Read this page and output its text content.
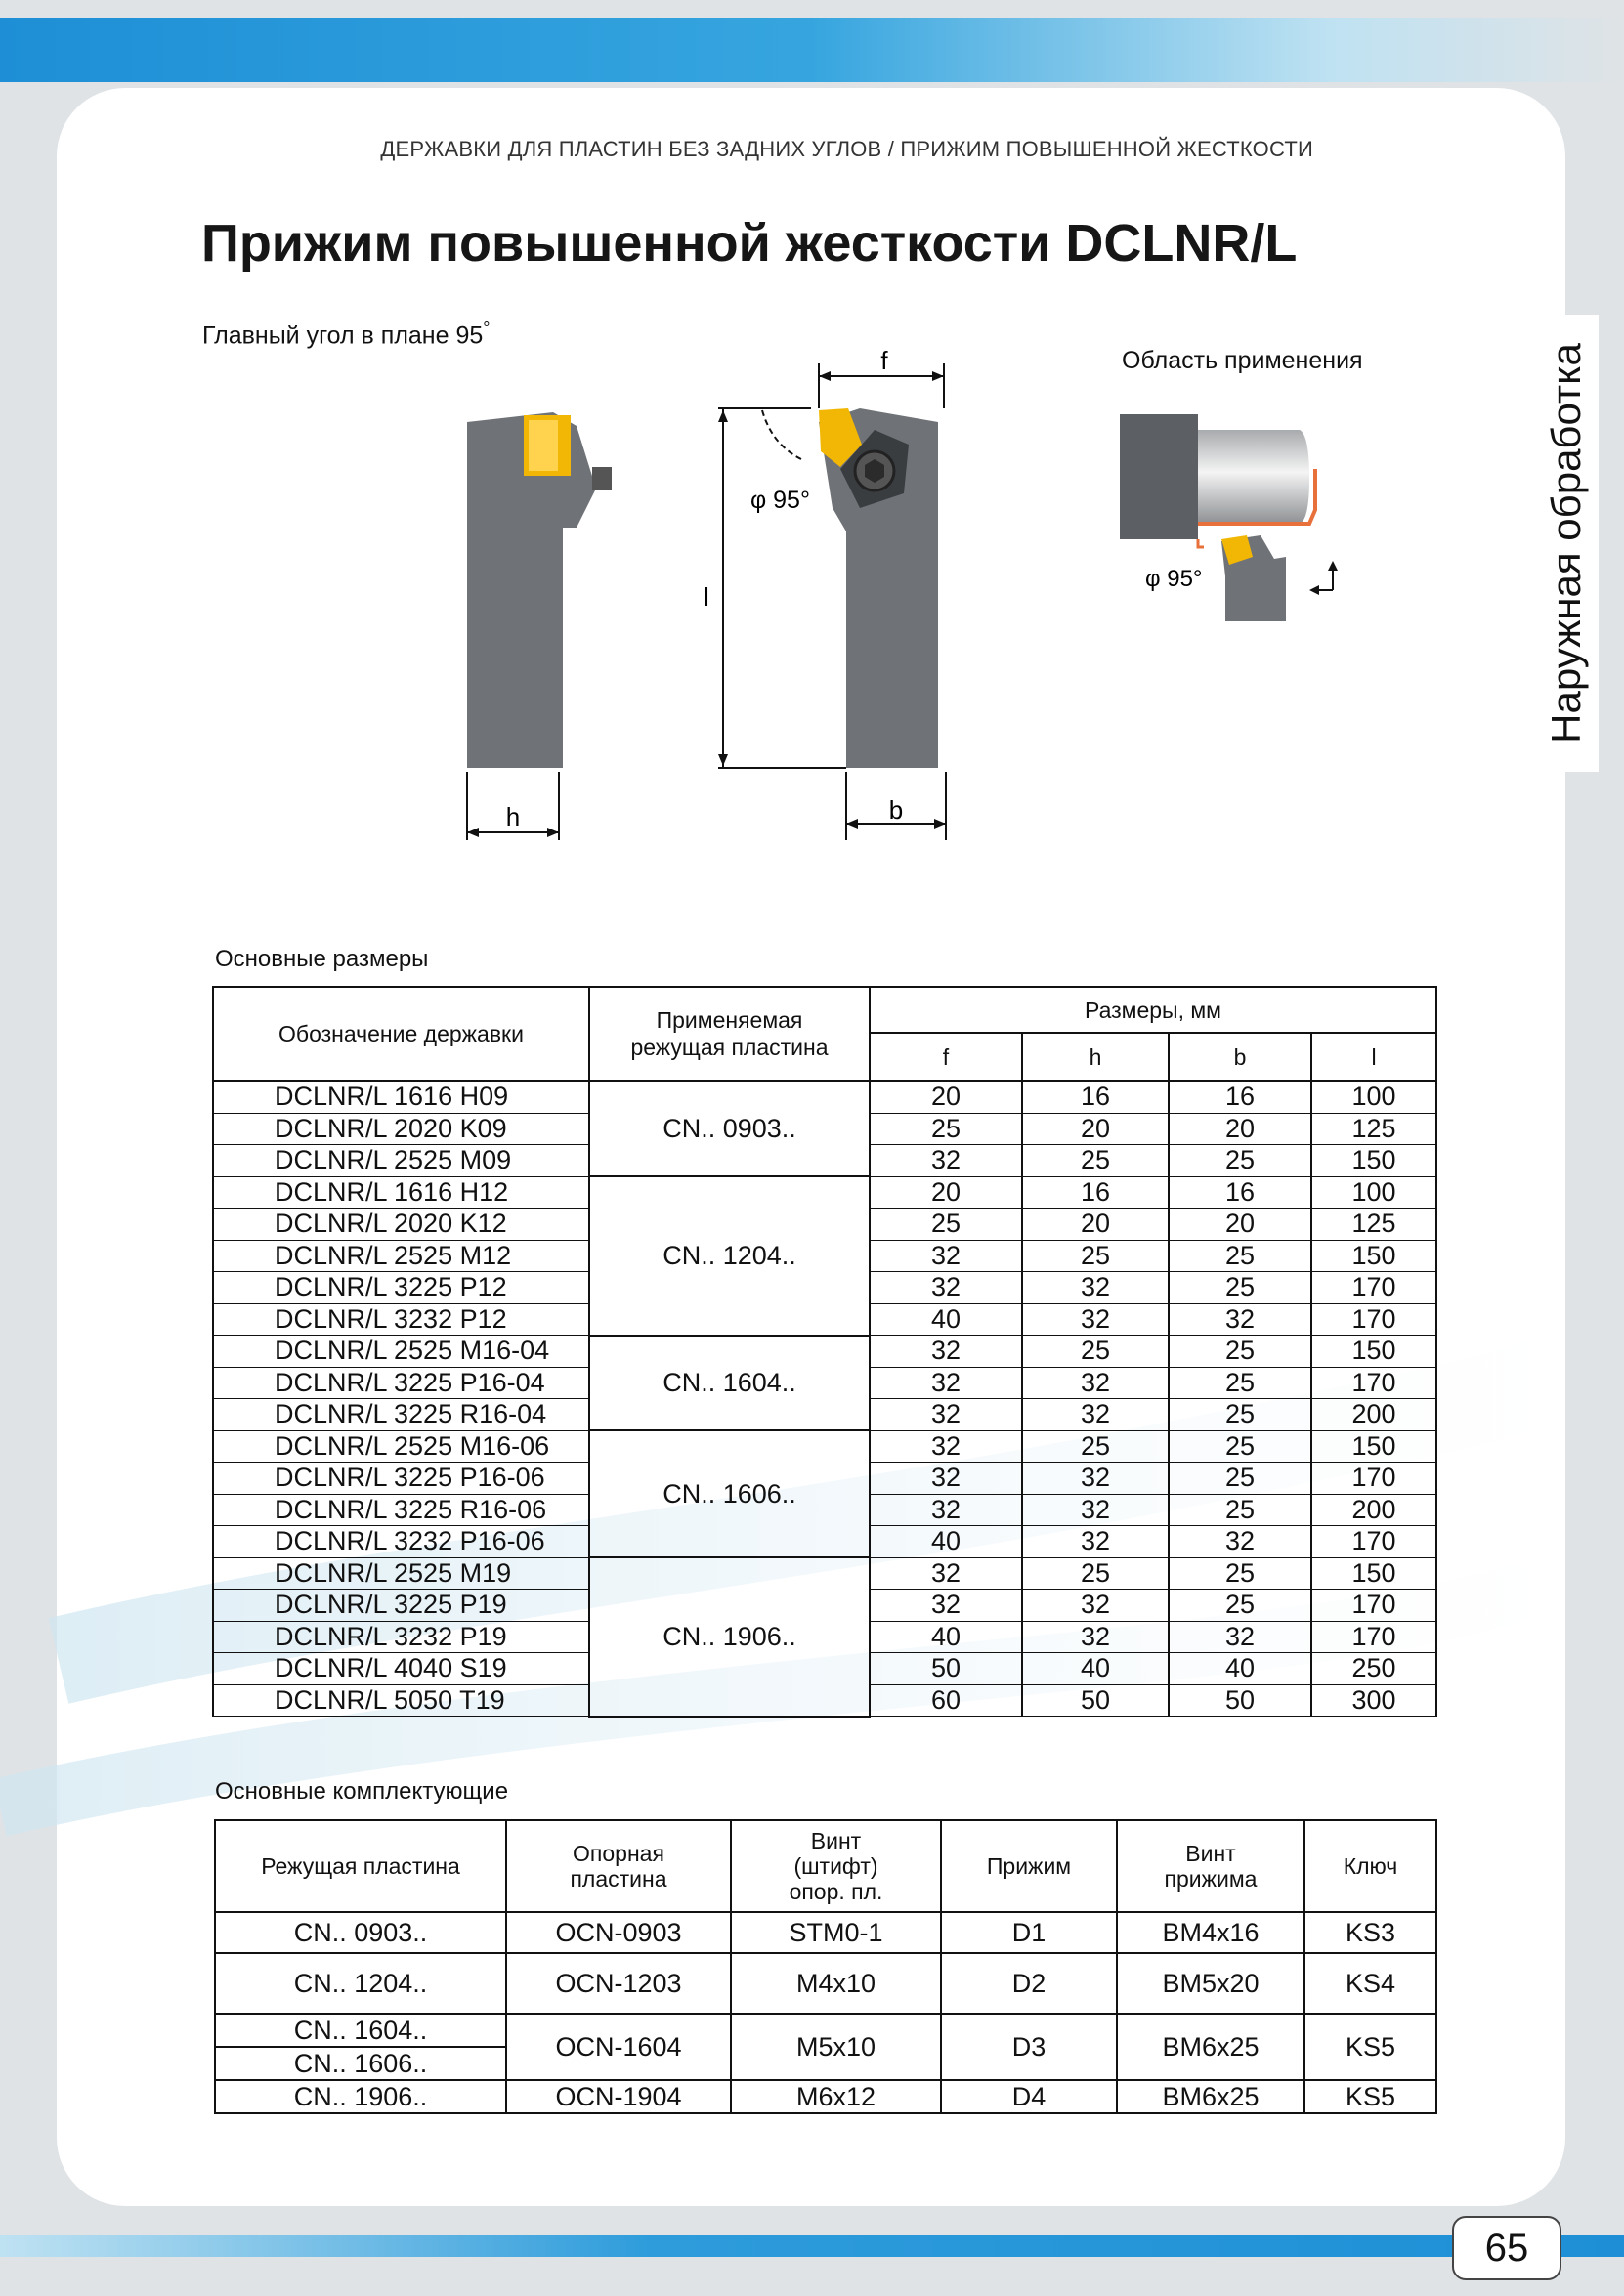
Наружная обработка
ДЕРЖАВКИ ДЛЯ ПЛАСТИН БЕЗ ЗАДНИХ УГЛОВ / ПРИЖИМ ПОВЫШЕННОЙ ЖЕСТКОСТИ
Прижим повышенной жесткости DCLNR/L
Главный угол в плане 95°
Область применения
h
l
f
φ 95°
b
φ 95°
Основные размеры
Обозначение державки	Применяемая режущая пластина	Размеры, мм			
		f	h	b	l
DCLNR/L 1616 H09	CN.. 0903..	20	16	16	100
DCLNR/L 2020 K09		25	20	20	125
DCLNR/L 2525 M09		32	25	25	150
DCLNR/L 1616 H12	CN.. 1204..	20	16	16	100
DCLNR/L 2020 K12		25	20	20	125
DCLNR/L 2525 M12		32	25	25	150
DCLNR/L 3225 P12		32	32	25	170
DCLNR/L 3232 P12		40	32	32	170
DCLNR/L 2525 M16-04	CN.. 1604..	32	25	25	150
DCLNR/L 3225 P16-04		32	32	25	170
DCLNR/L 3225 R16-04		32	32	25	200
DCLNR/L 2525 M16-06	CN.. 1606..	32	25	25	150
DCLNR/L 3225 P16-06		32	32	25	170
DCLNR/L 3225 R16-06		32	32	25	200
DCLNR/L 3232 P16-06		40	32	32	170
DCLNR/L 2525 M19	CN.. 1906..	32	25	25	150
DCLNR/L 3225 P19		32	32	25	170
DCLNR/L 3232 P19		40	32	32	170
DCLNR/L 4040 S19		50	40	40	250
DCLNR/L 5050 T19		60	50	50	300
Основные комплектующие
Режущая пластина	Опорная пластина	Винт (штифт) опор. пл.	Прижим	Винт прижима	Ключ
CN.. 0903..	OCN-0903	STM0-1	D1	BM4x16	KS3
CN.. 1204..	OCN-1203	M4x10	D2	BM5x20	KS4
CN.. 1604..	OCN-1604	M5x10	D3	BM6x25	KS5
CN.. 1606..					
CN.. 1906..	OCN-1904	M6x12	D4	BM6x25	KS5
65
